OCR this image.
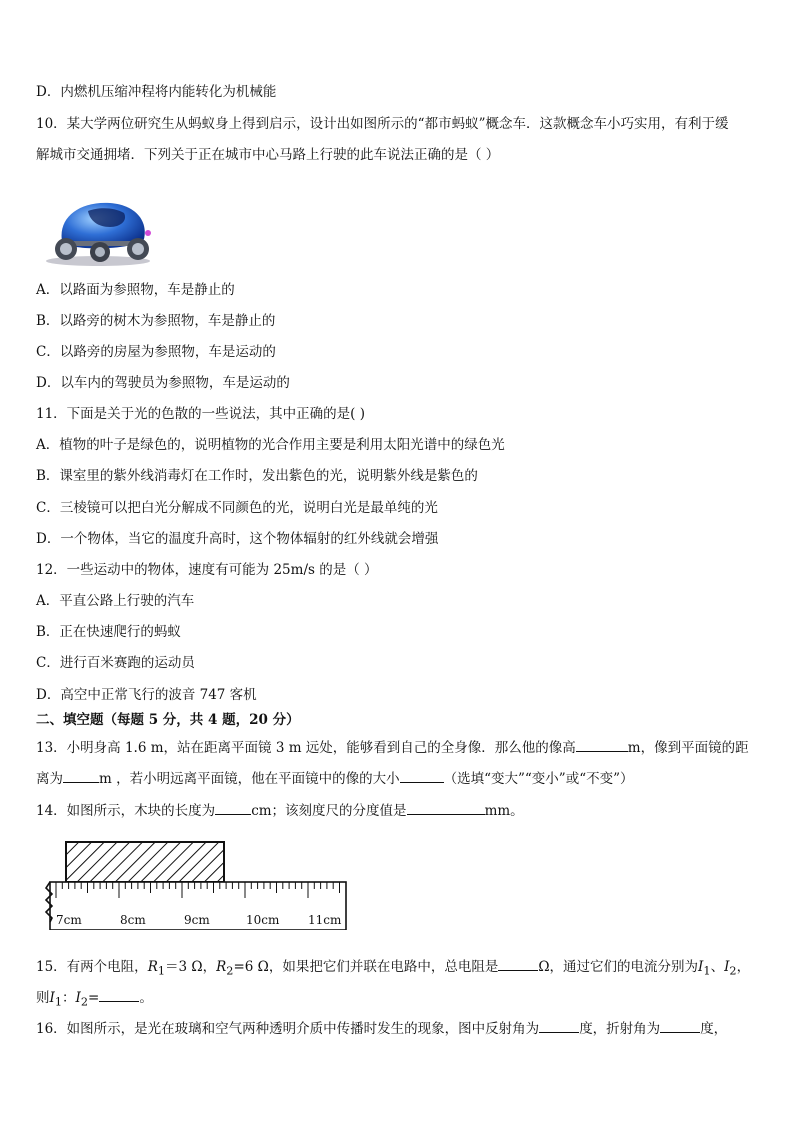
D．内燃机压缩冲程将内能转化为机械能
10．某大学两位研究生从蚂蚁身上得到启示，设计出如图所示的“都市蚂蚁”概念车．这款概念车小巧实用，有利于缓
解城市交通拥堵．下列关于正在城市中心马路上行驶的此车说法正确的是（ ）
A．以路面为参照物，车是静止的
B．以路旁的树木为参照物，车是静止的
C．以路旁的房屋为参照物，车是运动的
D．以车内的驾驶员为参照物，车是运动的
11．下面是关于光的色散的一些说法，其中正确的是( )
A．植物的叶子是绿色的，说明植物的光合作用主要是利用太阳光谱中的绿色光
B．课室里的紫外线消毒灯在工作时，发出紫色的光，说明紫外线是紫色的
C．三棱镜可以把白光分解成不同颜色的光，说明白光是最单纯的光
D．一个物体，当它的温度升高时，这个物体辐射的红外线就会增强
12．一些运动中的物体，速度有可能为 25m/s 的是（ ）
A．平直公路上行驶的汽车
B．正在快速爬行的蚂蚁
C．进行百米赛跑的运动员
D．高空中正常飞行的波音 747 客机
二、填空题（每题 5 分，共 4 题，20 分）
13．小明身高 1.6 m，站在距离平面镜 3 m 远处，能够看到自己的全身像．那么他的像高	m，像到平面镜的距
离为	m ，若小明远离平面镜，他在平面镜中的像的大小	（选填“变大”“变小”或“不变”）
14．如图所示，木块的长度为	cm；该刻度尺的分度值是	mm。
7cm	8cm	9cm	10cm 11cm
15．有两个电阻，$R_1=3$ Ω，$R_2=6$ Ω，如果把它们并联在电路中，总电阻是	Ω，通过它们的电流分别为$I_1$、$I_2$，
则$I_1$：$I_2=$	。
16．如图所示，是光在玻璃和空气两种透明介质中传播时发生的现象，图中反射角为	度，折射角为	度，
